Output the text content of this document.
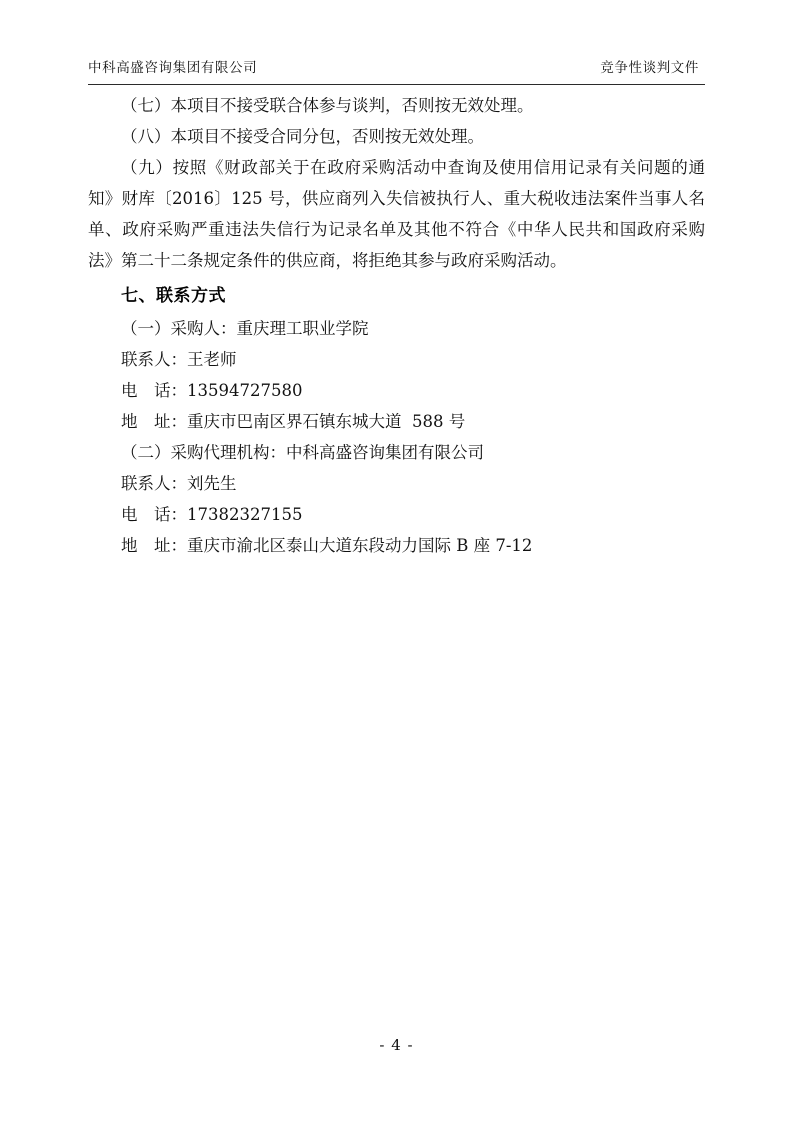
中科高盛咨询集团有限公司	竞争性谈判文件

（七）本项目不接受联合体参与谈判，否则按无效处理。

（八）本项目不接受合同分包，否则按无效处理。

（九）按照《财政部关于在政府采购活动中查询及使用信用记录有关问题的通知》财库〔2016〕125 号，供应商列入失信被执行人、重大税收违法案件当事人名单、政府采购严重违法失信行为记录名单及其他不符合《中华人民共和国政府采购法》第二十二条规定条件的供应商，将拒绝其参与政府采购活动。

七、联系方式

（一）采购人：重庆理工职业学院

联系人：王老师

电　话：13594727580

地　址：重庆市巴南区界石镇东城大道  588 号

（二）采购代理机构：中科高盛咨询集团有限公司

联系人：刘先生

电　话：17382327155

地　址：重庆市渝北区泰山大道东段动力国际 B 座 7-12

- 4 -
